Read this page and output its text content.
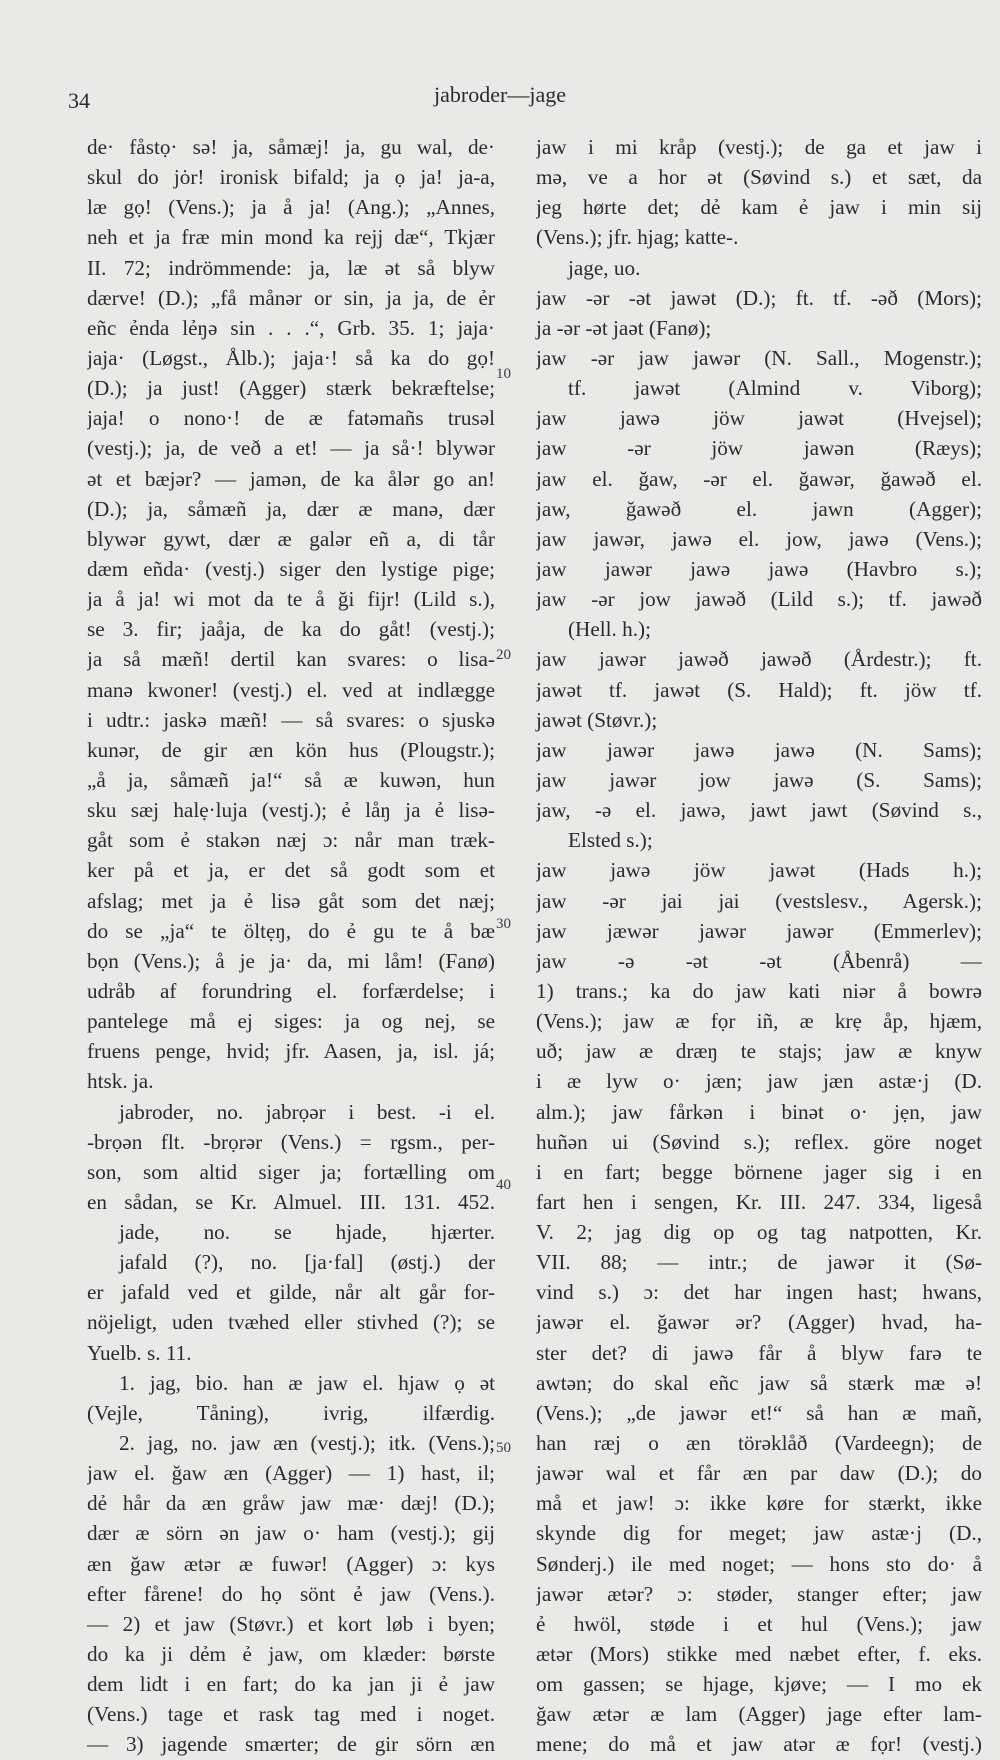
34	jabroder—jage
de· fåstọ· sə! ja, såmæj! ja, gu wal, de·
skul do jȯr! ironisk bifald; ja ọ ja! ja-a,
læ gọ! (Vens.); ja å ja! (Ang.); „Annes,
neh et ja fræ min mond ka rejj dæ“, Tkjær
II. 72; indrömmende: ja, læ ət så blyw
dærve! (D.); „få månər or sin, ja ja, de ẻr
eñc ẻnda lẻŋə sin . . .“, Grb. 35. 1; jaja·
jaja· (Løgst., Ålb.); jaja·! så ka do gọ!
(D.); ja just! (Agger) stærk bekræftelse;
jaja! o nono·! de æ fatəmañs trusəl
(vestj.); ja, de veð a et! — ja så·! blywər
ət et bæjər? — jamən, de ka ålər go an!
(D.); ja, såmæñ ja, dær æ manə, dær
blywər gywt, dær æ galər eñ a, di tår
dæm eñda· (vestj.) siger den lystige pige;
ja å ja! wi mot da te å ği fijr! (Lild s.),
se 3. fir; jaåja, de ka do gåt! (vestj.);
ja så mæñ! dertil kan svares: o lisa-
manə kwoner! (vestj.) el. ved at indlægge
i udtr.: jaskə mæñ! — så svares: o sjuskə
kunər, de gir æn kön hus (Plougstr.);
„å ja, såmæñ ja!“ så æ kuwən, hun
sku sæj halẹ·luja (vestj.); ẻ låŋ ja ẻ lisə-
gåt som ẻ stakən næj ɔ: når man træk-
ker på et ja, er det så godt som et
afslag; met ja ẻ lisə gåt som det næj;
do se „ja“ te öltẹŋ, do ẻ gu te å bæ
bọn (Vens.); å je ja· da, mi låm! (Fanø)
udråb af forundring el. forfærdelse; i
pantelege må ej siges: ja og nej, se
fruens penge, hvid; jfr. Aasen, ja, isl. já;
htsk. ja.
jabroder, no. jabrọər i best. -i el.
-brọən flt. -brọrər (Vens.) = rgsm., per-
son, som altid siger ja; fortælling om
en sådan, se Kr. Almuel. III. 131. 452.
jade, no. se hjade, hjærter.
jafald (?), no. [ja·fal] (østj.) der
er jafald ved et gilde, når alt går for-
nöjeligt, uden tvæhed eller stivhed (?); se
Yuelb. s. 11.
1. jag, bio. han æ jaw el. hjaw ọ ət
(Vejle, Tåning), ivrig, ilfærdig.
2. jag, no. jaw æn (vestj.); itk. (Vens.);
jaw el. ğaw æn (Agger) — 1) hast, il;
dẻ hår da æn gråw jaw mæ· dæj! (D.);
dær æ sörn ən jaw o· ham (vestj.); gij
æn ğaw ætər æ fuwər! (Agger) ɔ: kys
efter fårene! do họ sönt ẻ jaw (Vens.).
— 2) et jaw (Støvr.) et kort løb i byen;
do ka ji dẻm ẻ jaw, om klæder: børste
dem lidt i en fart; do ka jan ji ẻ jaw
(Vens.) tage et rask tag med i noget.
— 3) jagende smærter; de gir sörn æn
jaw i mi kråp (vestj.); de ga et jaw i
mə, ve a hor ət (Søvind s.) et sæt, da
jeg hørte det; dẻ kam ẻ jaw i min sij
(Vens.); jfr. hjag; katte-.
jage, uo.
jaw -ər -ət jawət (D.); ft. tf. -əð (Mors);
ja -ər -ət jaət (Fanø);
jaw -ər jaw jawər (N. Sall., Mogenstr.);
tf. jawət (Almind v. Viborg);
jaw jawə jöw jawət (Hvejsel);
jaw -ər jöw jawən (Ræys);
jaw el. ğaw, -ər el. ğawər, ğawəð el.
jaw, ğawəð el. jawn (Agger);
jaw jawər, jawə el. jow, jawə (Vens.);
jaw jawər jawə jawə (Havbro s.);
jaw -ər jow jawəð (Lild s.); tf. jawəð
(Hell. h.);
jaw jawər jawəð jawəð (Årdestr.); ft.
jawət tf. jawət (S. Hald); ft. jöw tf.
jawət (Støvr.);
jaw jawər jawə jawə (N. Sams);
jaw jawər jow jawə (S. Sams);
jaw, -ə el. jawə, jawt jawt (Søvind s.,
Elsted s.);
jaw jawə jöw jawət (Hads h.);
jaw -ər jai jai (vestslesv., Agersk.);
jaw jæwər jawər jawər (Emmerlev);
jaw -ə -ət -ət (Åbenrå) —
1) trans.; ka do jaw kati niər å bowrə
(Vens.); jaw æ fọr iñ, æ krẹ åp, hjæm,
uð; jaw æ dræŋ te stajs; jaw æ knyw
i æ lyw o· jæn; jaw jæn astæ·j (D.
alm.); jaw fårkən i binət o· jẹn, jaw
huñən ui (Søvind s.); reflex. göre noget
i en fart; begge börnene jager sig i en
fart hen i sengen, Kr. III. 247. 334, ligeså
V. 2; jag dig op og tag natpotten, Kr.
VII. 88; — intr.; de jawər it (Sø-
vind s.) ɔ: det har ingen hast; hwans,
jawər el. ğawər ər? (Agger) hvad, ha-
ster det? di jawə får å blyw farə te
awtən; do skal eñc jaw så stærk mæ ə!
(Vens.); „de jawər et!“ så han æ mañ,
han ræj o æn törəklåð (Vardeegn); de
jawər wal et får æn par daw (D.); do
må et jaw! ɔ: ikke køre for stærkt, ikke
skynde dig for meget; jaw astæ·j (D.,
Sønderj.) ile med noget; — hons sto do· å
jawər ætər? ɔ: støder, stanger efter; jaw
ẻ hwöl, støde i et hul (Vens.); jaw
ætər (Mors) stikke med næbet efter, f. eks.
om gassen; se hjage, kjøve; — I mo ek
ğaw ætər æ lam (Agger) jage efter lam-
mene; do må et jaw atər æ fọr! (vestj.)
10
20
30
40
50
